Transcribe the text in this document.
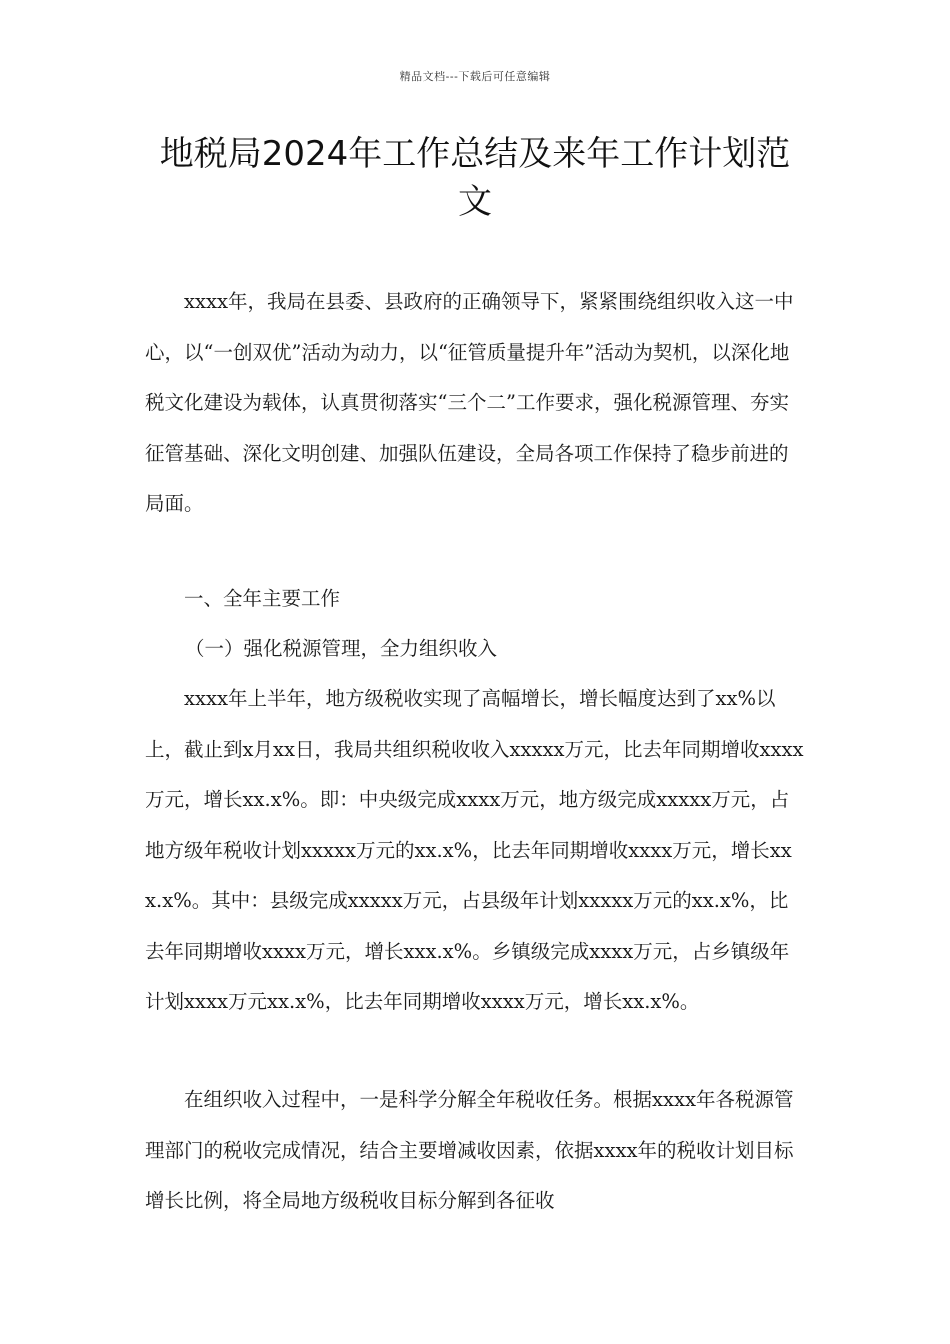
精品文档---下载后可任意编辑
地税局2024年工作总结及来年工作计划范文

xxxx年，我局在县委、县政府的正确领导下，紧紧围绕组织收入这一中心，以“一创双优”活动为动力，以“征管质量提升年”活动为契机，以深化地税文化建设为载体，认真贯彻落实“三个二”工作要求，强化税源管理、夯实征管基础、深化文明创建、加强队伍建设，全局各项工作保持了稳步前进的局面。

一、全年主要工作

（一）强化税源管理，全力组织收入

xxxx年上半年，地方级税收实现了高幅增长，增长幅度达到了xx%以上，截止到x月xx日，我局共组织税收收入xxxxx万元，比去年同期增收xxxx万元，增长xx.x%。即：中央级完成xxxx万元，地方级完成xxxxx万元，占地方级年税收计划xxxxx万元的xx.x%，比去年同期增收xxxx万元，增长xxx.x%。其中：县级完成xxxxx万元，占县级年计划xxxxx万元的xx.x%，比去年同期增收xxxx万元，增长xxx.x%。乡镇级完成xxxx万元，占乡镇级年计划xxxx万元xx.x%，比去年同期增收xxxx万元，增长xx.x%。

在组织收入过程中，一是科学分解全年税收任务。根据xxxx年各税源管理部门的税收完成情况，结合主要增减收因素，依据xxxx年的税收计划目标增长比例，将全局地方级税收目标分解到各征收
